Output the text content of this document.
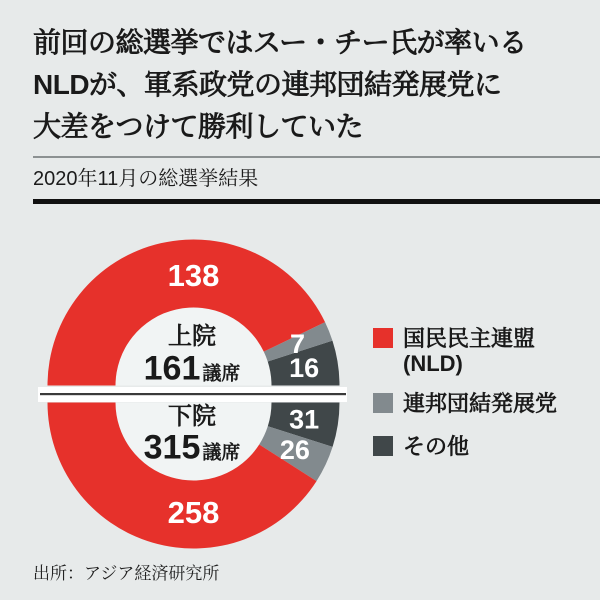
前回の総選挙ではスー・チー氏が率いる
NLDが、軍系政党の連邦団結発展党に
大差をつけて勝利していた
2020年11月の総選挙結果
16
7
138
31
26
258
上院
161 議席
下院
315 議席
国民民主連盟
(NLD)
連邦団結発展党
その他
出所：アジア経済研究所
